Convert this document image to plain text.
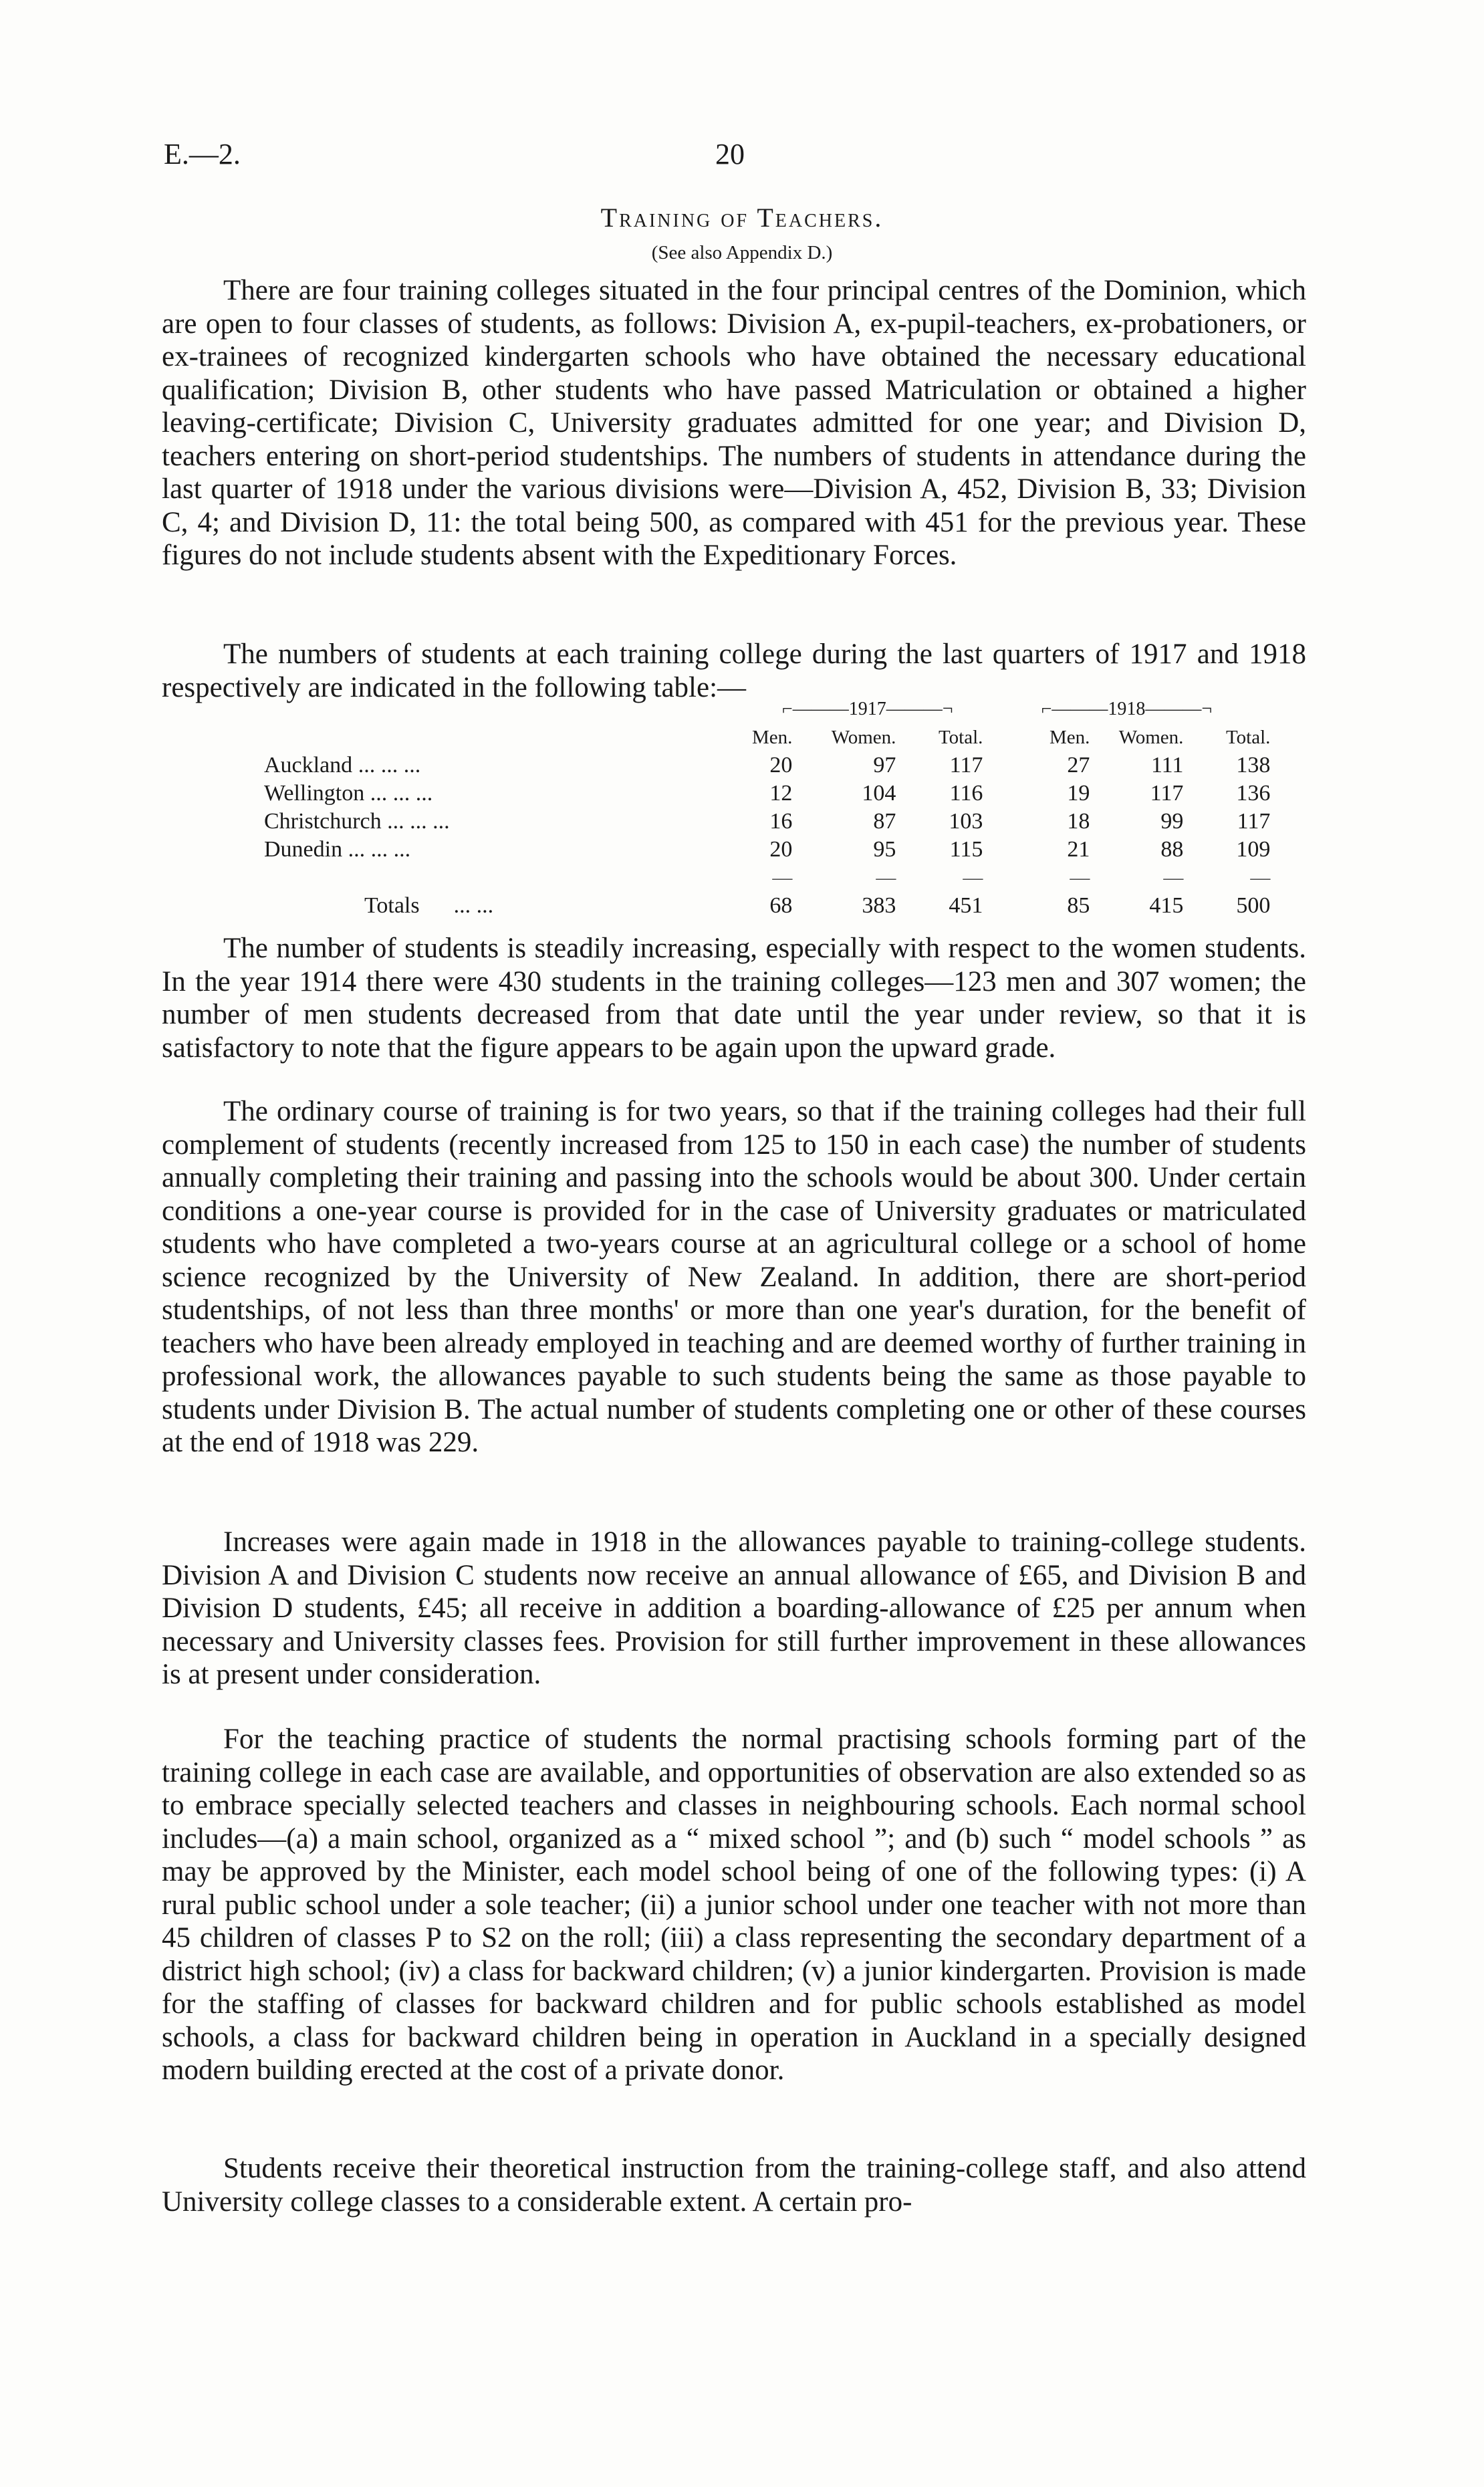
E.—2.	20
Training of Teachers.
(See also Appendix D.)

There are four training colleges situated in the four principal centres of the Dominion, which are open to four classes of students, as follows: Division A, ex-pupil-teachers, ex-probationers, or ex-trainees of recognized kindergarten schools who have obtained the necessary educational qualification; Division B, other students who have passed Matriculation or obtained a higher leaving-certificate; Division C, University graduates admitted for one year; and Division D, teachers entering on short-period studentships. The numbers of students in attendance during the last quarter of 1918 under the various divisions were—Division A, 452, Division B, 33; Division C, 4; and Division D, 11: the total being 500, as compared with 451 for the previous year. These figures do not include students absent with the Expeditionary Forces.

The numbers of students at each training college during the last quarters of 1917 and 1918 respectively are indicated in the following table:—

	⌐———1917———¬			⌐———1918———¬		
	Men.	Women.	Total.	Men.	Women.	Total.
Auckland ... ... ...	20	97	117	27	111	138
Wellington ... ... ...	12	104	116	19	117	136
Christchurch ... ... ...	16	87	103	18	99	117
Dunedin ... ... ...	20	95	115	21	88	109
	—	—	—	—	—	—
Totals ... ...	68	383	451	85	415	500

The number of students is steadily increasing, especially with respect to the women students. In the year 1914 there were 430 students in the training colleges—123 men and 307 women; the number of men students decreased from that date until the year under review, so that it is satisfactory to note that the figure appears to be again upon the upward grade.

The ordinary course of training is for two years, so that if the training colleges had their full complement of students (recently increased from 125 to 150 in each case) the number of students annually completing their training and passing into the schools would be about 300. Under certain conditions a one-year course is provided for in the case of University graduates or matriculated students who have completed a two-years course at an agricultural college or a school of home science recognized by the University of New Zealand. In addition, there are short-period studentships, of not less than three months' or more than one year's duration, for the benefit of teachers who have been already employed in teaching and are deemed worthy of further training in professional work, the allowances payable to such students being the same as those payable to students under Division B. The actual number of students completing one or other of these courses at the end of 1918 was 229.

Increases were again made in 1918 in the allowances payable to training-college students. Division A and Division C students now receive an annual allowance of £65, and Division B and Division D students, £45; all receive in addition a boarding-allowance of £25 per annum when necessary and University classes fees. Provision for still further improvement in these allowances is at present under consideration.

For the teaching practice of students the normal practising schools forming part of the training college in each case are available, and opportunities of observation are also extended so as to embrace specially selected teachers and classes in neighbouring schools. Each normal school includes—(a) a main school, organized as a “ mixed school ”; and (b) such “ model schools ” as may be approved by the Minister, each model school being of one of the following types: (i) A rural public school under a sole teacher; (ii) a junior school under one teacher with not more than 45 children of classes P to S2 on the roll; (iii) a class representing the secondary department of a district high school; (iv) a class for backward children; (v) a junior kindergarten. Provision is made for the staffing of classes for backward children and for public schools established as model schools, a class for backward children being in operation in Auckland in a specially designed modern building erected at the cost of a private donor.

Students receive their theoretical instruction from the training-college staff, and also attend University college classes to a considerable extent. A certain pro-
